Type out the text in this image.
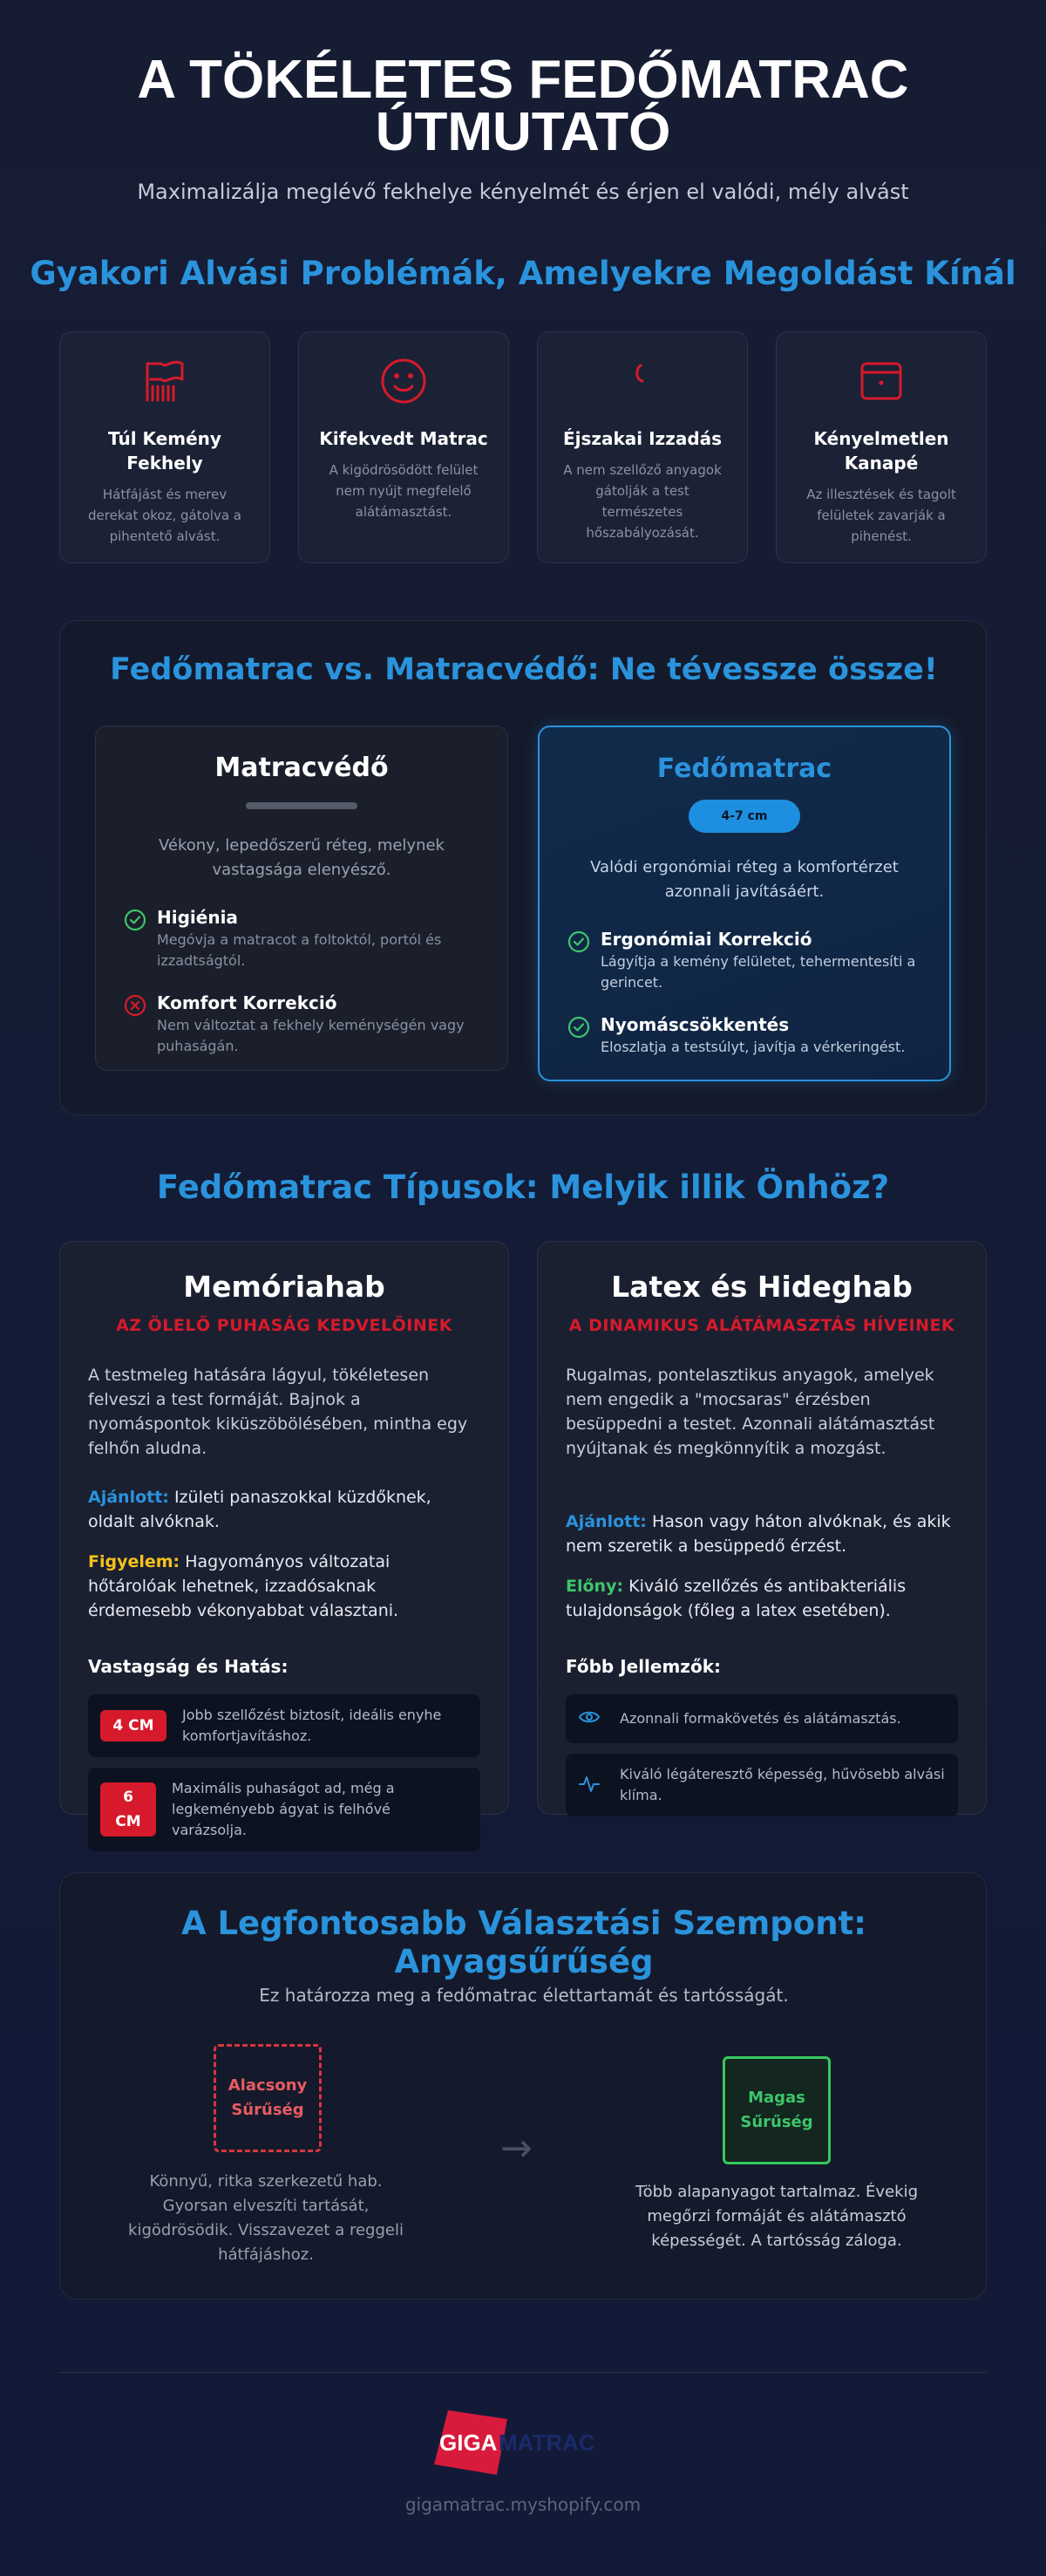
A TÖKÉLETES FEDŐMATRAC ÚTMUTATÓ

Maximalizálja meglévő fekhelye kényelmét és érjen el valódi, mély alvást

Gyakori Alvási Problémák, Amelyekre Megoldást Kínál
Túl Kemény Fekhely
Hátfájást és merev derekat okoz, gátolva a pihentető alvást.
Kifekvedt Matrac
A kigödrösödött felület nem nyújt megfelelő alátámasztást.
Éjszakai Izzadás
A nem szellőző anyagok gátolják a test természetes hőszabályozását.
Kényelmetlen Kanapé
Az illesztések és tagolt felületek zavarják a pihenést.
Fedőmatrac vs. Matracvédő: Ne tévessze össze!
Matracvédő
Vékony, lepedőszerű réteg, melynek vastagsága elenyésző.
Higiénia
Megóvja a matracot a foltoktól, portól és izzadtságtól.
Komfort Korrekció
Nem változtat a fekhely keménységén vagy puhaságán.
Fedőmatrac
4-7 cm
Valódi ergonómiai réteg a komfortérzet azonnali javításáért.
Ergonómiai Korrekció
Lágyítja a kemény felületet, tehermentesíti a gerincet.
Nyomáscsökkentés
Eloszlatja a testsúlyt, javítja a vérkeringést.
Fedőmatrac Típusok: Melyik illik Önhöz?
Memóriahab
AZ ÖLELŐ PUHASÁG KEDVELŐINEK

A testmeleg hatására lágyul, tökéletesen felveszi a test formáját. Bajnok a nyomáspontok kiküszöbölésében, mintha egy felhőn aludna.

Ajánlott: Izületi panaszokkal küzdőknek, oldalt alvóknak.

Figyelem: Hagyományos változatai hőtárolóak lehetnek, izzadósaknak érdemesebb vékonyabbat választani.

Vastagság és Hatás:
4 CM
Jobb szellőzést biztosít, ideális enyhe komfortjavításhoz.
6
CM
Maximális puhaságot ad, még a legkeményebb ágyat is felhővé varázsolja.
Latex és Hideghab
A DINAMIKUS ALÁTÁMASZTÁS HÍVEINEK

Rugalmas, pontelasztikus anyagok, amelyek nem engedik a "mocsaras" érzésben besüppedni a testet. Azonnali alátámasztást nyújtanak és megkönnyítik a mozgást.

Ajánlott: Hason vagy háton alvóknak, és akik nem szeretik a besüppedő érzést.

Előny: Kiváló szellőzés és antibakteriális tulajdonságok (főleg a latex esetében).

Főbb Jellemzők:
Azonnali formakövetés és alátámasztás.
Kiváló légáteresztő képesség, hűvösebb alvási klíma.
A Legfontosabb Választási Szempont: Anyagsűrűség

Ez határozza meg a fedőmatrac élettartamát és tartósságát.

Alacsony
Sűrűség

Könnyű, ritka szerkezetű hab. Gyorsan elveszíti tartását, kigödrösödik. Visszavezet a reggeli hátfájáshoz.

→
Magas
Sűrűség

Több alapanyagot tartalmaz. Évekig megőrzi formáját és alátámasztó képességét. A tartósság záloga.

GIGA MATRAC
gigamatrac.myshopify.com
